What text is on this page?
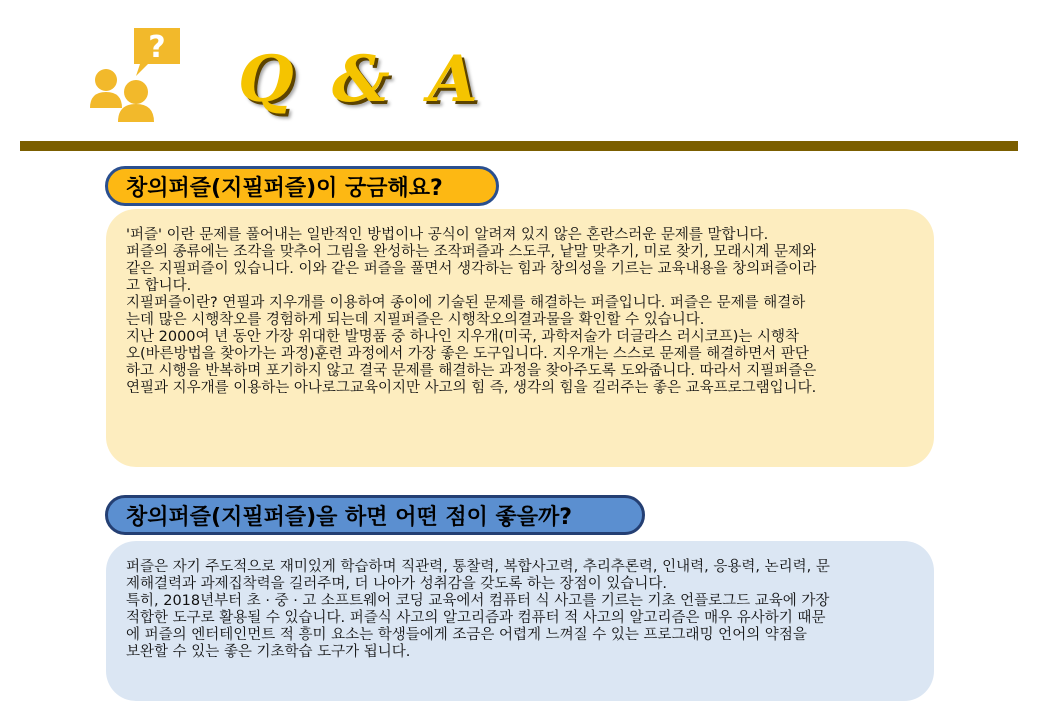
? Q & A
창의퍼즐(지필퍼즐)이 궁금해요?
'퍼즐' 이란 문제를 풀어내는 일반적인 방법이나 공식이 알려져 있지 않은 혼란스러운 문제를 말합니다.
퍼즐의 종류에는 조각을 맞추어 그림을 완성하는 조작퍼즐과 스도쿠, 낱말 맞추기, 미로 찾기, 모래시계 문제와
같은 지필퍼즐이 있습니다. 이와 같은 퍼즐을 풀면서 생각하는 힘과 창의성을 기르는 교육내용을 창의퍼즐이라
고 합니다.
지필퍼즐이란? 연필과 지우개를 이용하여 종이에 기술된 문제를 해결하는 퍼즐입니다. 퍼즐은 문제를 해결하
는데 많은 시행착오를 경험하게 되는데 지필퍼즐은 시행착오의결과물을 확인할 수 있습니다.
지난 2000여 년 동안 가장 위대한 발명품 중 하나인 지우개(미국, 과학저술가 더글라스 러시코프)는 시행착
오(바른방법을 찾아가는 과정)훈련 과정에서 가장 좋은 도구입니다. 지우개는 스스로 문제를 해결하면서 판단
하고 시행을 반복하며 포기하지 않고 결국 문제를 해결하는 과정을 찾아주도록 도와줍니다. 따라서 지필퍼즐은
연필과 지우개를 이용하는 아나로그교육이지만 사고의 힘 즉, 생각의 힘을 길러주는 좋은 교육프로그램입니다.
창의퍼즐(지필퍼즐)을 하면 어떤 점이 좋을까?
퍼즐은 자기 주도적으로 재미있게 학습하며 직관력, 통찰력, 복합사고력, 추리추론력, 인내력, 응용력, 논리력, 문
제해결력과 과제집착력을 길러주며, 더 나아가 성취감을 갖도록 하는 장점이 있습니다.
특히, 2018년부터 초 · 중 · 고 소프트웨어 코딩 교육에서 컴퓨터 식 사고를 기르는 기초 언플로그드 교육에 가장
적합한 도구로 활용될 수 있습니다. 퍼즐식 사고의 알고리즘과 컴퓨터 적 사고의 알고리즘은 매우 유사하기 때문
에 퍼즐의 엔터테인먼트 적 흥미 요소는 학생들에게 조금은 어렵게 느껴질 수 있는 프로그래밍 언어의 약점을
보완할 수 있는 좋은 기초학습 도구가 됩니다.
